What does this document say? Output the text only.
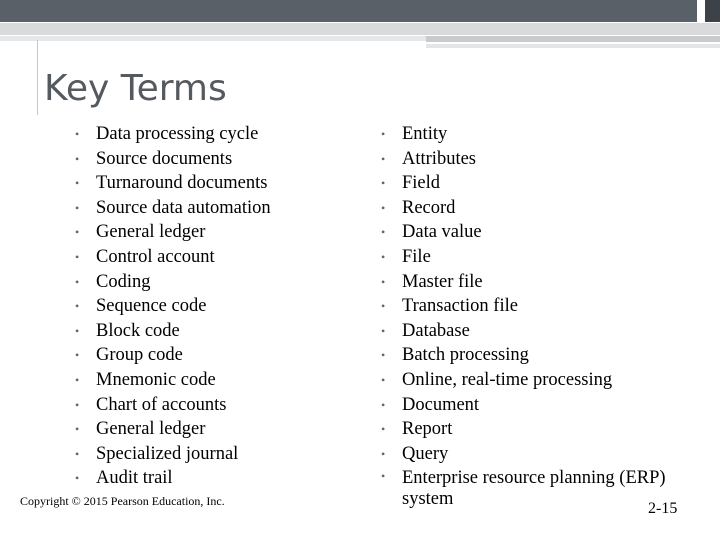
Key Terms
• Data processing cycle
• Source documents
• Turnaround documents
• Source data automation
• General ledger
• Control account
• Coding
• Sequence code
• Block code
• Group code
• Mnemonic code
• Chart of accounts
• General ledger
• Specialized journal
• Audit trail
• Entity
• Attributes
• Field
• Record
• Data value
• File
• Master file
• Transaction file
• Database
• Batch processing
• Online, real-time processing
• Document
• Report
• Query
• Enterprise resource planning (ERP) system
Copyright © 2015 Pearson Education, Inc.	2-15
